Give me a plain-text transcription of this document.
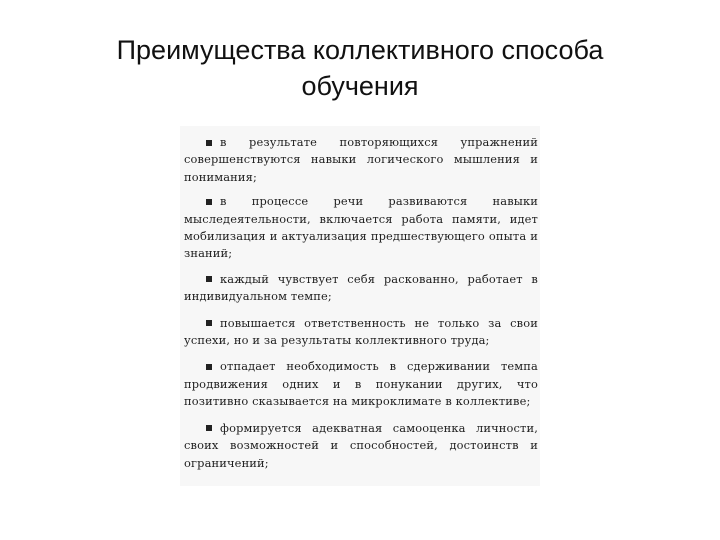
Преимущества коллективного способа
обучения
в результате повторяющихся упражнений совершенствуются навыки логического мышления и понимания;
в процессе речи развиваются навыки мыследеятельности, включается работа памяти, идет мобилизация и актуализация предшествующего опыта и знаний;
каждый чувствует себя раскованно, работает в индивидуальном темпе;
повышается ответственность не только за свои успехи, но и за результаты коллективного труда;
отпадает необходимость в сдерживании темпа продвижения одних и в понукании других, что позитивно сказывается на микроклимате в коллективе;
формируется адекватная самооценка личности, своих возможностей и способностей, достоинств и ограничений;
